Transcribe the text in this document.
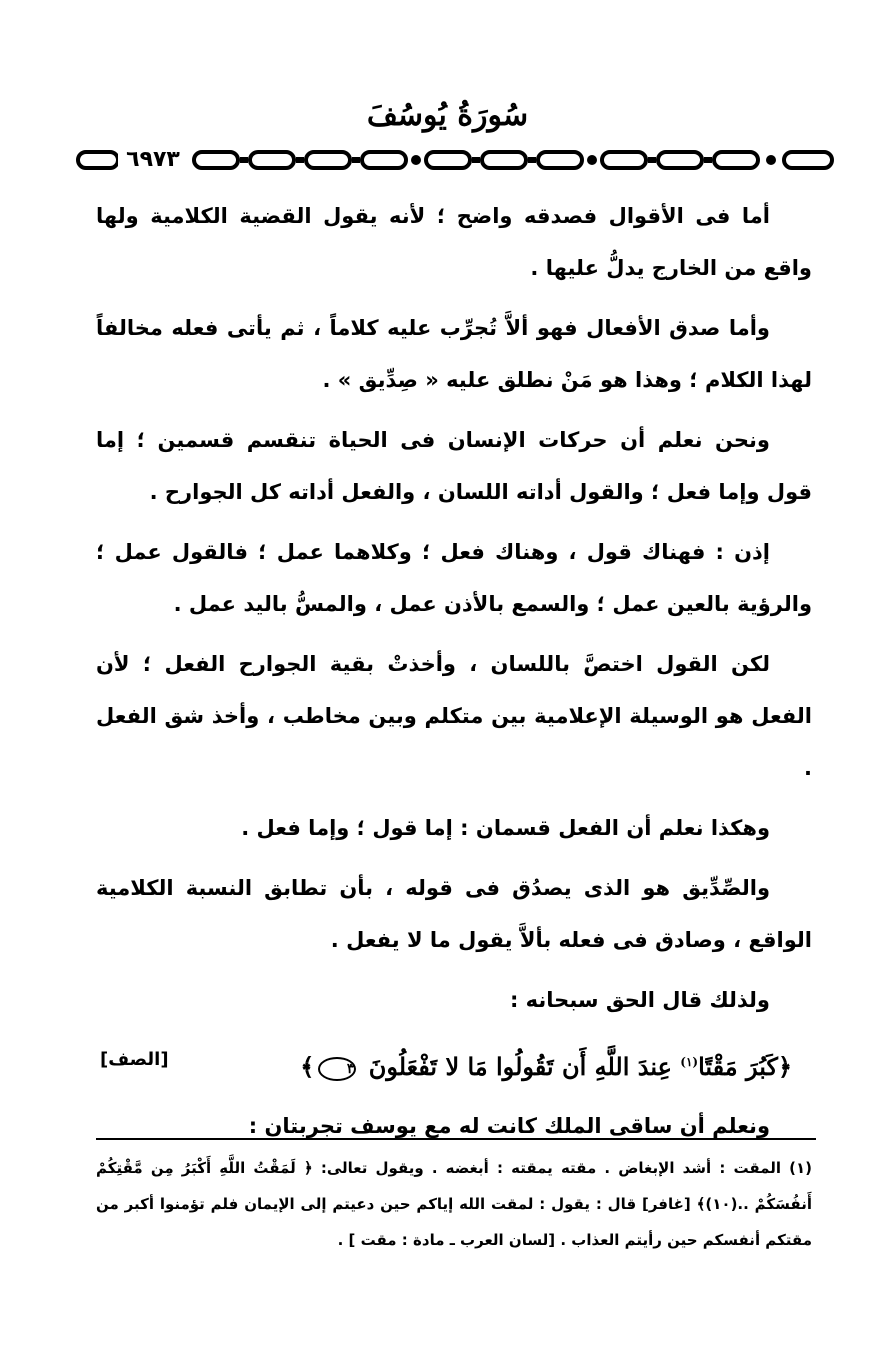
سُورَةُ يُوسُفَ
٦٩٧٣

أما فى الأقوال فصدقه واضح ؛ لأنه يقول القضية الكلامية ولها واقع من الخارج يدلُّ عليها .

وأما صدق الأفعال فهو ألاَّ تُجرِّب عليه كلاماً ، ثم يأتى فعله مخالفاً لهذا الكلام ؛ وهذا هو مَنْ نطلق عليه « صِدِّيق » .

ونحن نعلم أن حركات الإنسان فى الحياة تنقسم قسمين ؛ إما قول وإما فعل ؛ والقول أداته اللسان ، والفعل أداته كل الجوارح .

إذن : فهناك قول ، وهناك فعل ؛ وكلاهما عمل ؛ فالقول عمل ؛ والرؤية بالعين عمل ؛ والسمع بالأذن عمل ، والمسُّ باليد عمل .

لكن القول اختصَّ باللسان ، وأخذتْ بقية الجوارح الفعل ؛ لأن الفعل هو الوسيلة الإعلامية بين متكلم وبين مخاطب ، وأخذ شق الفعل .

وهكذا نعلم أن الفعل قسمان : إما قول ؛ وإما فعل .

والصِّدِّيق هو الذى يصدُق فى قوله ، بأن تطابق النسبة الكلامية الواقع ، وصادق فى فعله بألاَّ يقول ما لا يفعل .

ولذلك قال الحق سبحانه :

﴿كَبُرَ مَقْتًا$^{(١)}$ عِندَ اللَّهِ أَن تَقُولُوا مَا لا تَفْعَلُونَ ٣﴾
[الصف]

ونعلم أن ساقى الملك كانت له مع يوسف تجربتان :

(١) المقت : أشد الإبغاض . مقته يمقته : أبغضه . ويقول تعالى: ﴿ لَمَقْتُ اللَّهِ أَكْبَرُ مِن مَّقْتِكُمْ أَنفُسَكُمْ ..(١٠)﴾ [غافر] قال : يقول : لمقت الله إياكم حين دعيتم إلى الإيمان فلم تؤمنوا أكبر من مقتكم أنفسكم حين رأيتم العذاب . [لسان العرب ـ مادة : مقت ] .
